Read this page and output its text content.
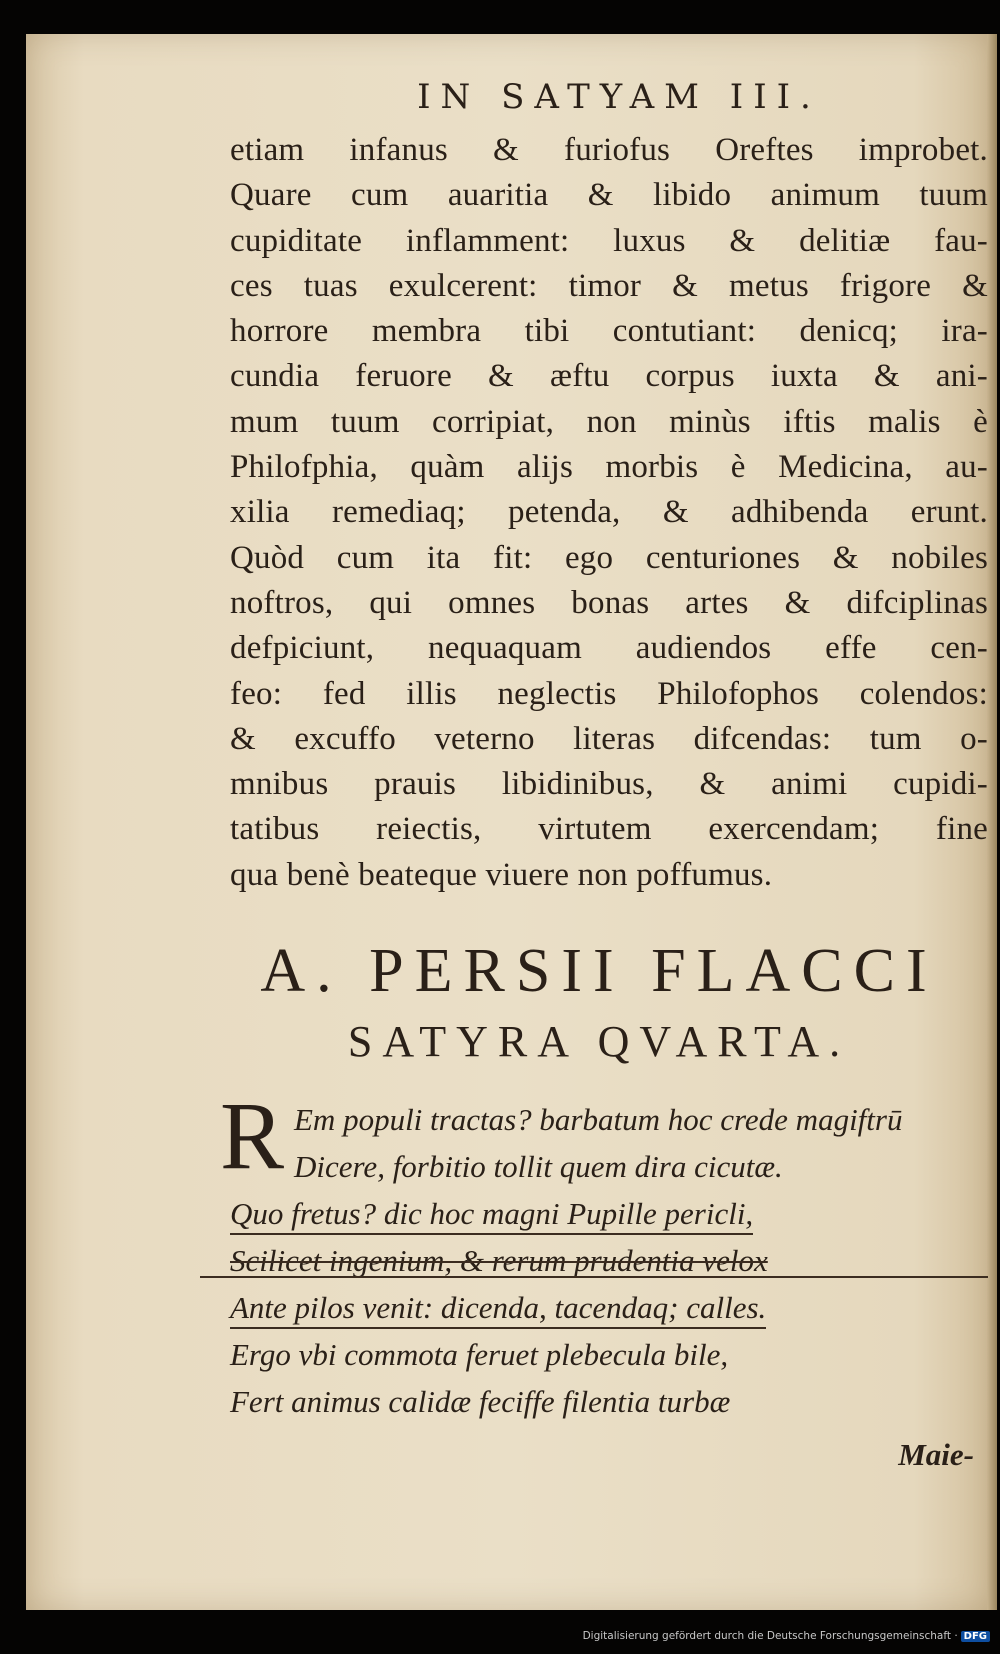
IN SATYAM III.
etiam infanus & furiofus Oreftes improbet.
Quare cum auaritia & libido animum tuum
cupiditate inflamment: luxus & delitiæ fau-
ces tuas exulcerent: timor & metus frigore &
horrore membra tibi contutiant: denicq; ira-
cundia feruore & æftu corpus iuxta & ani-
mum tuum corripiat, non minùs iftis malis è
Philofphia, quàm alijs morbis è Medicina, au-
xilia remediaq; petenda, & adhibenda erunt.
Quòd cum ita fit: ego centuriones & nobiles
noftros, qui omnes bonas artes & difciplinas
defpiciunt, nequaquam audiendos effe cen-
feo: fed illis neglectis Philofophos colendos:
& excuffo veterno literas difcendas: tum o-
mnibus prauis libidinibus, & animi cupidi-
tatibus reiectis, virtutem exercendam; fine
qua benè beateque viuere non poffumus.
A. PERSII FLACCI
SATYRA QVARTA.
R Em populi tractas? barbatum hoc crede magiftrū
Dicere, forbitio tollit quem dira cicutæ.
Quo fretus? dic hoc magni Pupille pericli,
Scilicet ingenium, & rerum prudentia velox
Ante pilos venit: dicenda, tacendaq; calles.
Ergo vbi commota feruet plebecula bile,
Fert animus calidæ feciffe filentia turbæ
Maie-
Digitalisierung gefördert durch die Deutsche Forschungsgemeinschaft · DFG
